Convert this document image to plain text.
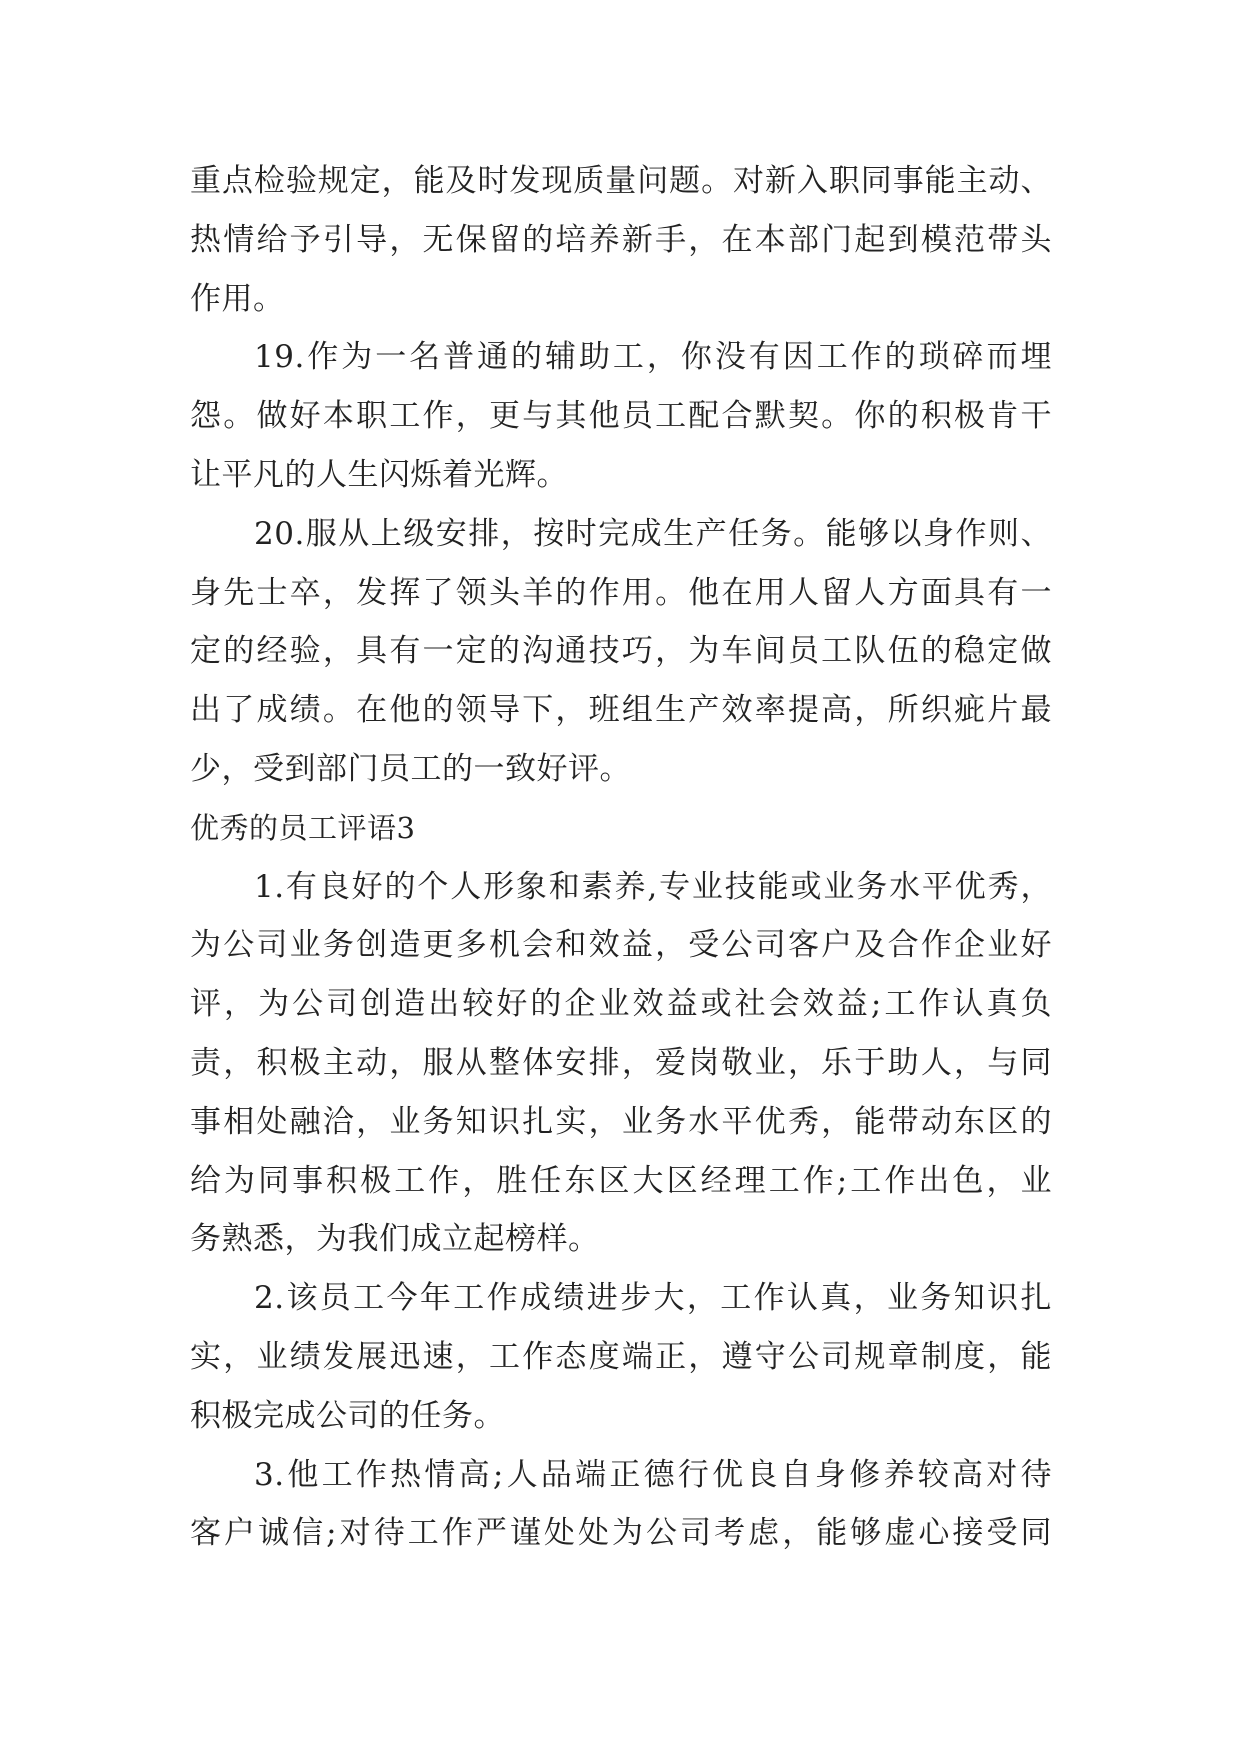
重点检验规定，能及时发现质量问题。对新入职同事能主动、
热情给予引导，无保留的培养新手，在本部门起到模范带头
作用。
19.作为一名普通的辅助工，你没有因工作的琐碎而埋
怨。做好本职工作，更与其他员工配合默契。你的积极肯干
让平凡的人生闪烁着光辉。
20.服从上级安排，按时完成生产任务。能够以身作则、
身先士卒，发挥了领头羊的作用。他在用人留人方面具有一
定的经验，具有一定的沟通技巧，为车间员工队伍的稳定做
出了成绩。在他的领导下，班组生产效率提高，所织疵片最
少，受到部门员工的一致好评。
优秀的员工评语3
1.有良好的个人形象和素养,专业技能或业务水平优秀，
为公司业务创造更多机会和效益，受公司客户及合作企业好
评，为公司创造出较好的企业效益或社会效益;工作认真负
责，积极主动，服从整体安排，爱岗敬业，乐于助人，与同
事相处融洽，业务知识扎实，业务水平优秀，能带动东区的
给为同事积极工作，胜任东区大区经理工作;工作出色，业
务熟悉，为我们成立起榜样。
2.该员工今年工作成绩进步大，工作认真，业务知识扎
实，业绩发展迅速，工作态度端正，遵守公司规章制度，能
积极完成公司的任务。
3.他工作热情高;人品端正德行优良自身修养较高对待
客户诚信;对待工作严谨处处为公司考虑，能够虚心接受同
